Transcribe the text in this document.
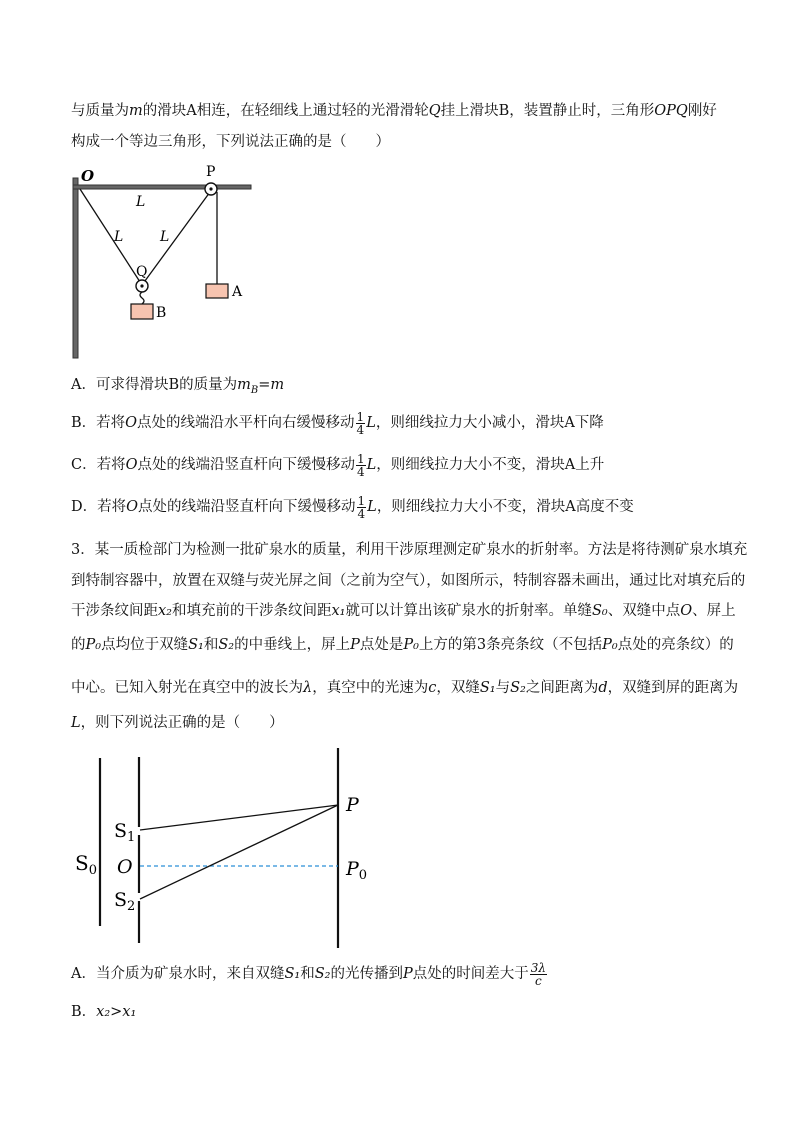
与质量为m的滑块A相连，在轻细线上通过轻的光滑滑轮Q挂上滑块B，装置静止时，三角形OPQ刚好
构成一个等边三角形，下列说法正确的是（　　）
O	P
L
L	L
Q
A
B
A．可求得滑块B的质量为$m_B=m$
B．若将O点处的线端沿水平杆向右缓慢移动 $\frac{1}{4}$ L，则细线拉力大小减小，滑块A下降
C．若将O点处的线端沿竖直杆向下缓慢移动 $\frac{1}{4}$ L，则细线拉力大小不变，滑块A上升
D．若将O点处的线端沿竖直杆向下缓慢移动 $\frac{1}{4}$ L，则细线拉力大小不变，滑块A高度不变
3．某一质检部门为检测一批矿泉水的质量，利用干涉原理测定矿泉水的折射率。方法是将待测矿泉水填充
到特制容器中，放置在双缝与荧光屏之间（之前为空气），如图所示，特制容器未画出，通过比对填充后的
干涉条纹间距x₂和填充前的干涉条纹间距x₁就可以计算出该矿泉水的折射率。单缝S₀、双缝中点O、屏上
的P₀点均位于双缝S₁和S₂的中垂线上，屏上P点处是P₀上方的第3条亮条纹（不包括P₀点处的亮条纹）的
中心。已知入射光在真空中的波长为λ，真空中的光速为c，双缝S₁与S₂之间距离为d，双缝到屏的距离为
L，则下列说法正确的是（　　）
$S_0$
$S_1$
O
$S_2$
P
$P_0$
A．当介质为矿泉水时，来自双缝S₁和S₂的光传播到P点处的时间差大于 $\frac{3\lambda}{c}$
B．x₂>x₁
